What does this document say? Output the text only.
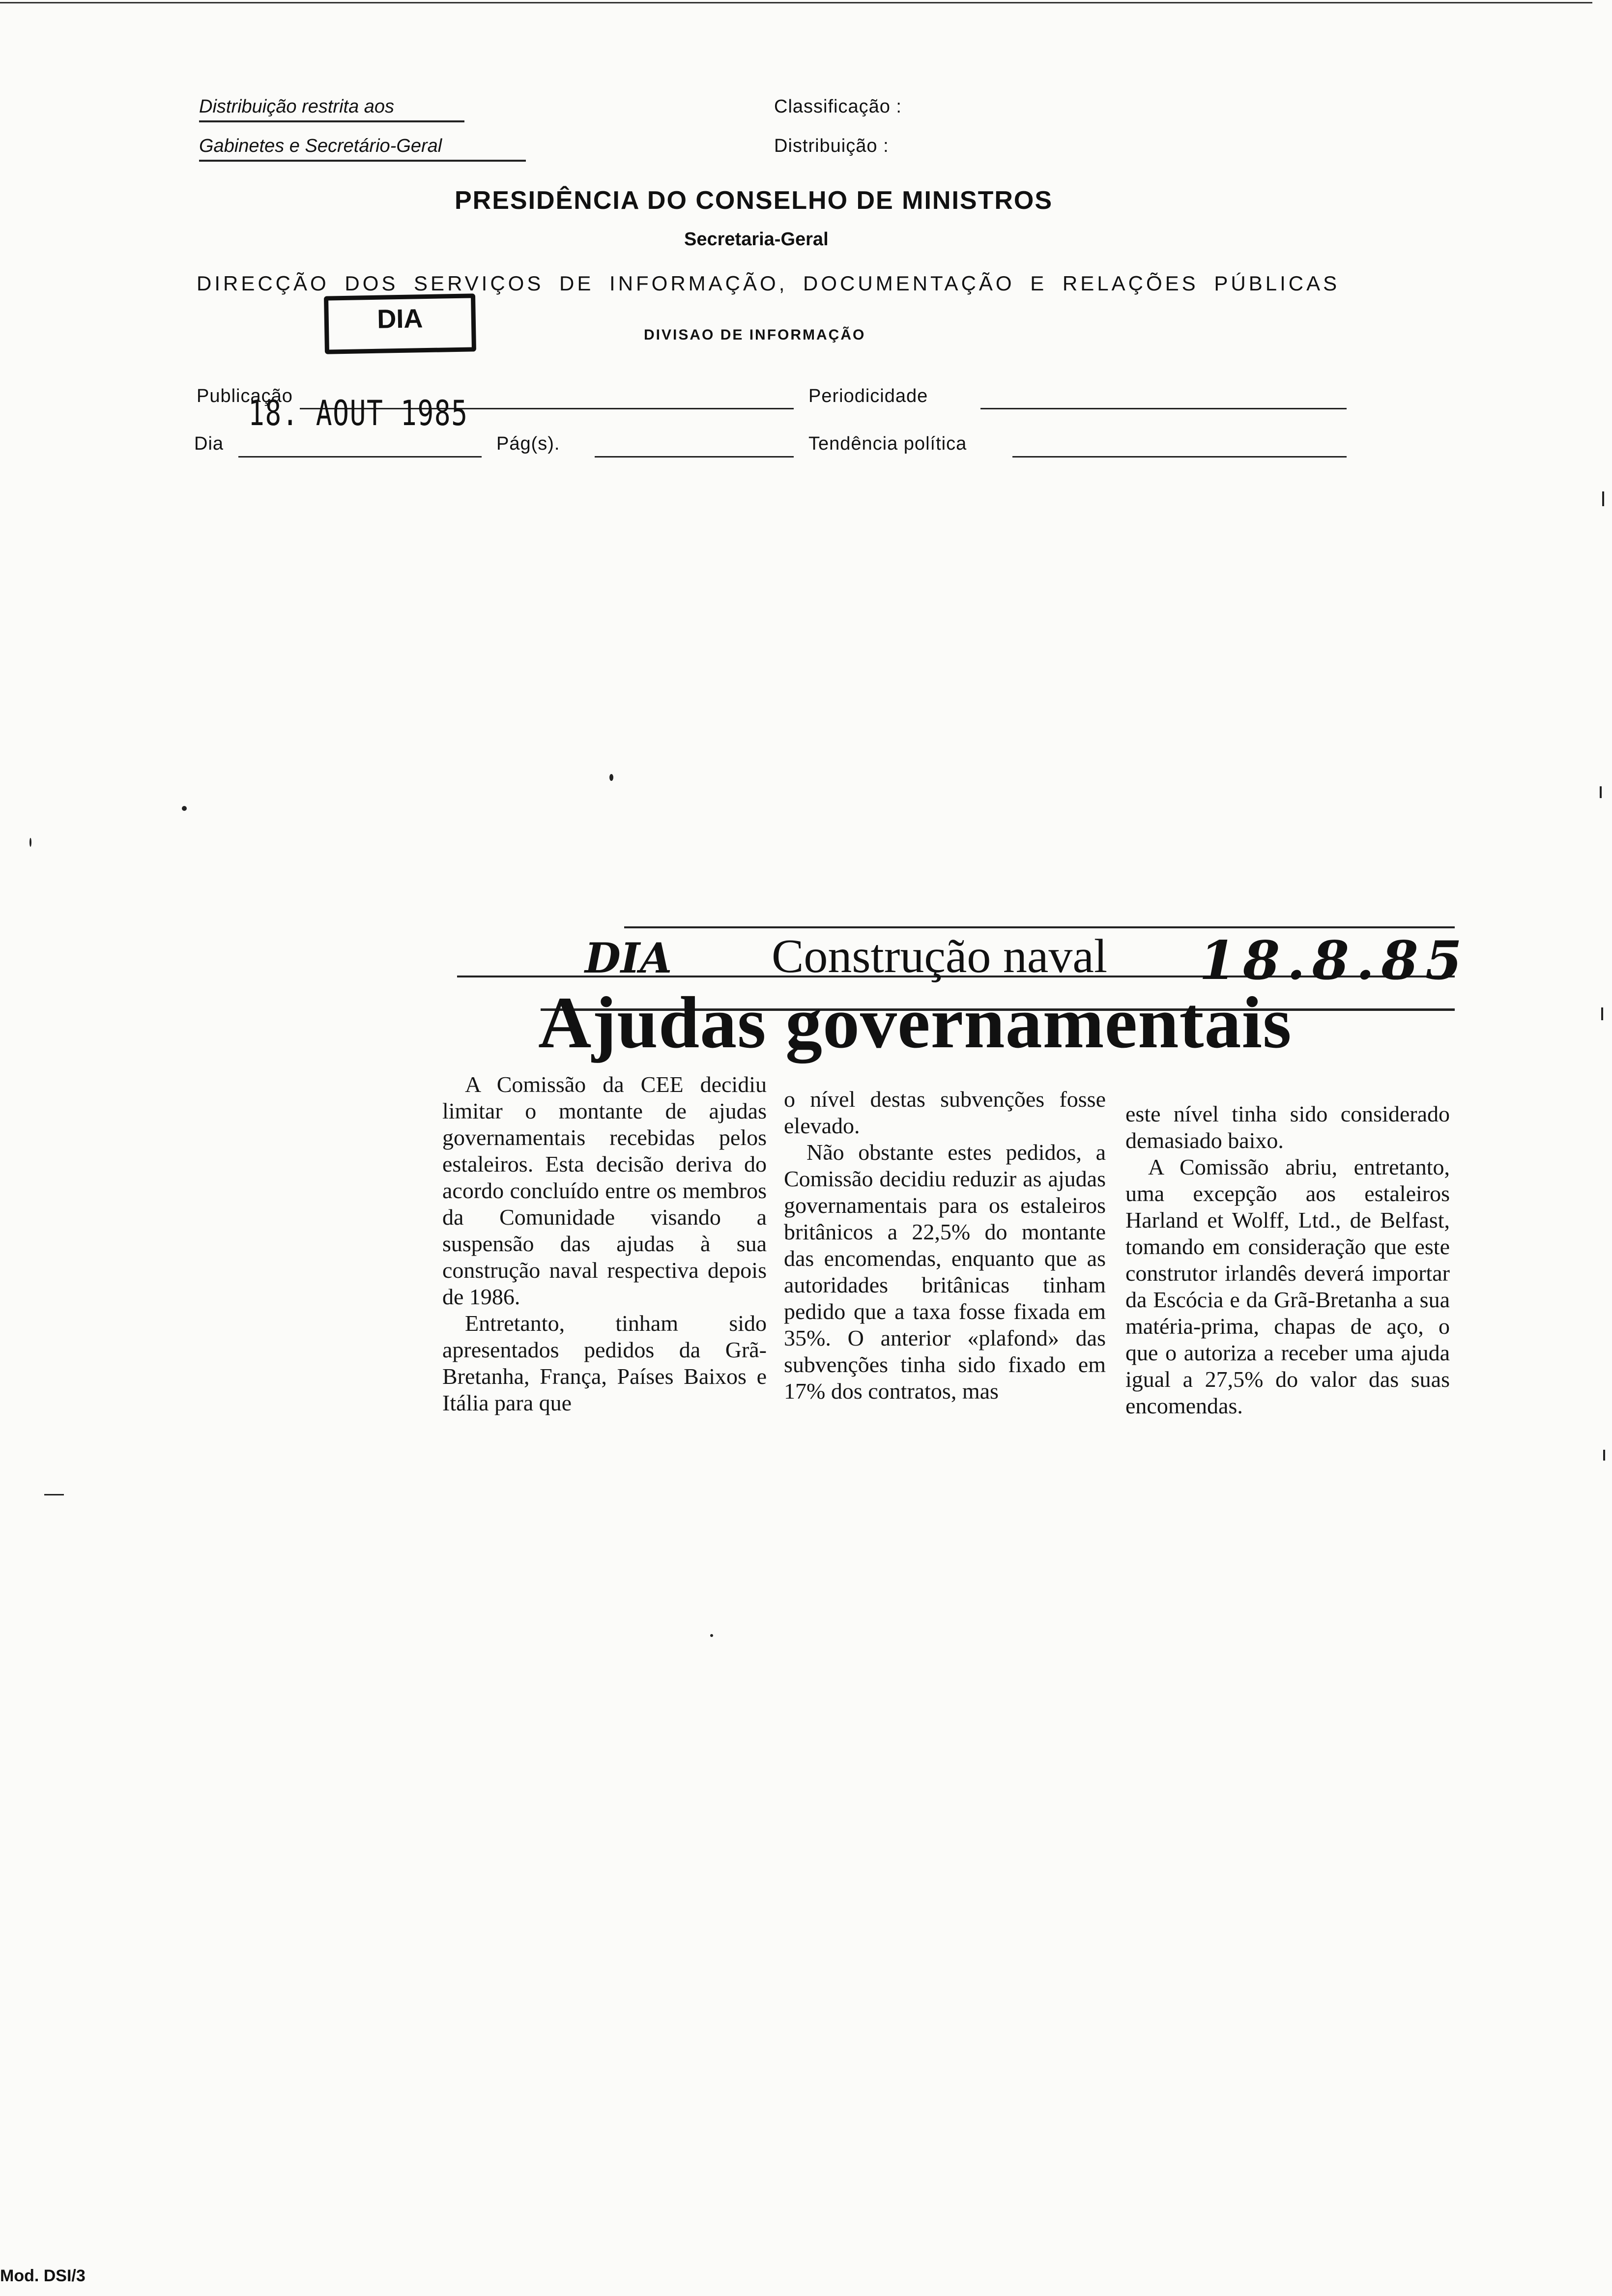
Distribuição restrita aos
Gabinetes e Secretário-Geral
Classificação :
Distribuição :
PRESIDÊNCIA DO CONSELHO DE MINISTROS
Secretaria-Geral
DIRECÇÃO DOS SERVIÇOS DE INFORMAÇÃO, DOCUMENTAÇÃO E RELAÇÕES PÚBLICAS
DIVISAO DE INFORMAÇÃO
DIA
Publicação
18. AOUT 1985	Periodicidade
Dia	Pág(s).	Tendência política
DIA Construção naval 18.8.85
Ajudas governamentais

A Comissão da CEE decidiu limitar o montante de ajudas governamentais recebidas pelos estaleiros. Esta decisão deriva do acordo concluído entre os membros da Comunidade visando a suspensão das ajudas à sua construção naval respectiva depois de 1986.

Entretanto, tinham sido apresentados pedidos da Grã-Bretanha, França, Países Baixos e Itália para que

o nível destas subvenções fosse elevado.

Não obstante estes pedidos, a Comissão decidiu reduzir as ajudas governamentais para os estaleiros britânicos a 22,5% do montante das encomendas, enquanto que as autoridades britânicas tinham pedido que a taxa fosse fixada em 35%. O anterior «plafond» das subvenções tinha sido fixado em 17% dos contratos, mas

este nível tinha sido considerado demasiado baixo.

A Comissão abriu, entretanto, uma excepção aos estaleiros Harland et Wolff, Ltd., de Belfast, tomando em consideração que este construtor irlandês deverá importar da Escócia e da Grã-Bretanha a sua matéria-prima, chapas de aço, o que o autoriza a receber uma ajuda igual a 27,5% do valor das suas encomendas.

Mod. DSI/3
